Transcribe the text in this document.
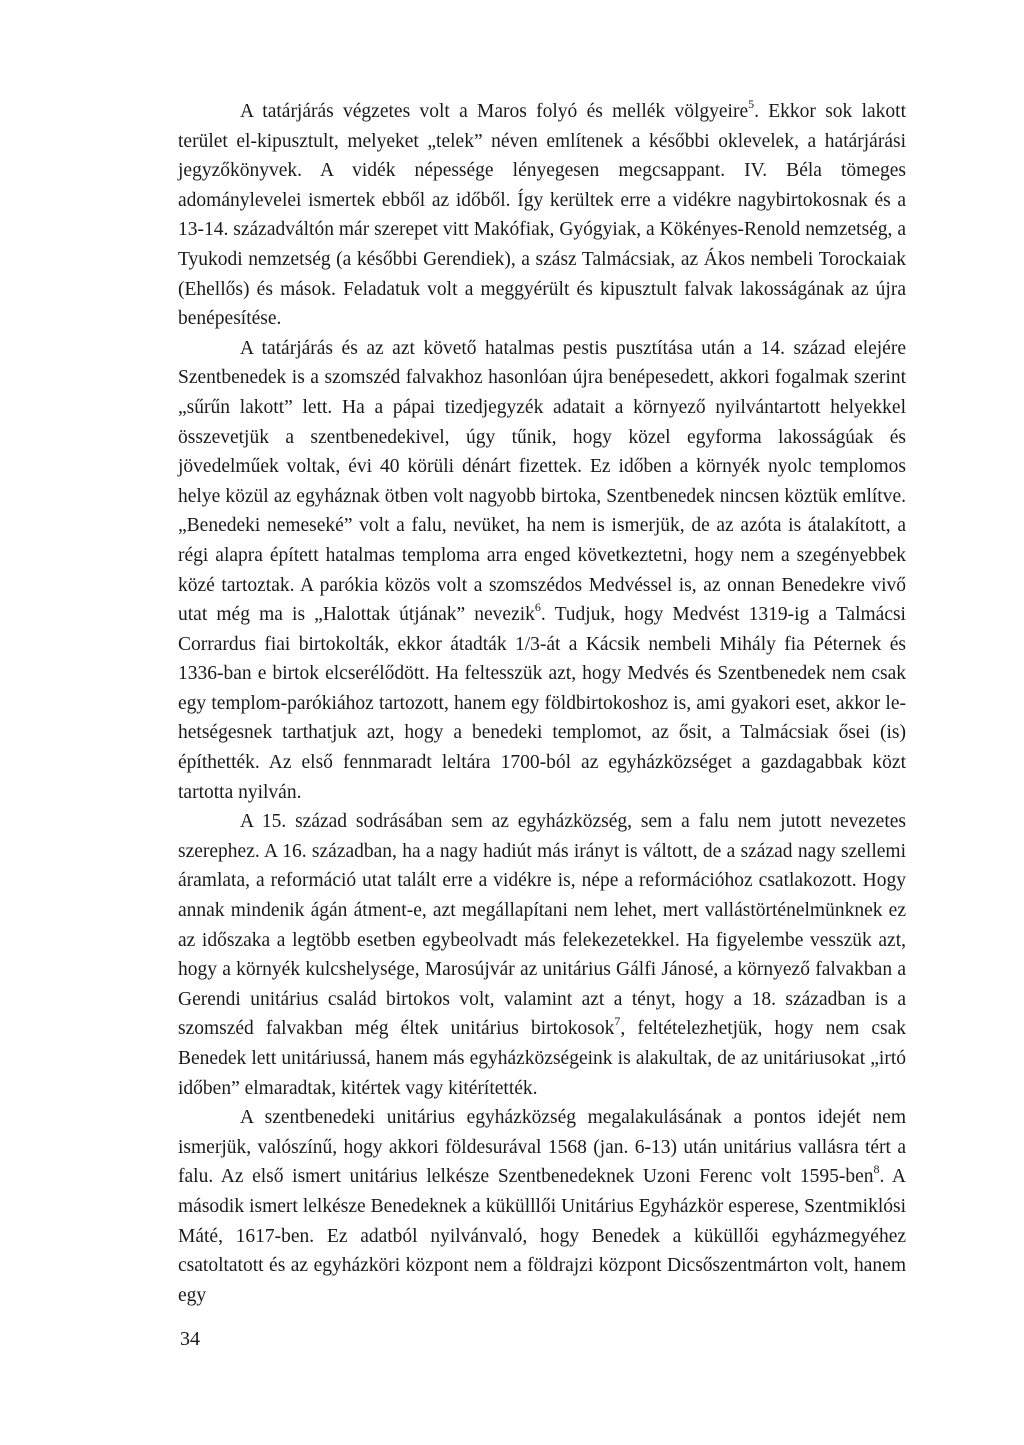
A tatárjárás végzetes volt a Maros folyó és mellék völgyeire$^5$. Ekkor sok lakott terület el-kipusztult, melyeket „telek” néven említenek a későbbi oklevelek, a határjárási jegyzőkönyvek. A vidék népessége lényegesen megcsappant. IV. Béla tömeges adománylevelei ismertek ebből az időből. Így kerültek erre a vidékre nagybirtokosnak és a 13-14. századváltón már szerepet vitt Makófiak, Gyógyiak, a Kökényes-Renold nemzetség, a Tyukodi nemzetség (a későbbi Gerendiek), a szász Talmácsiak, az Ákos nembeli Torockaiak (Ehellős) és mások. Feladatuk volt a meggyérült és kipusztult falvak lakosságának az újra benépesítése.

A tatárjárás és az azt követő hatalmas pestis pusztítása után a 14. század elejére Szentbenedek is a szomszéd falvakhoz hasonlóan újra benépesedett, akkori fogalmak szerint „sűrűn lakott” lett. Ha a pápai tizedjegyzék adatait a környező nyilvántartott helyekkel összevetjük a szentbenedekivel, úgy tűnik, hogy közel egyforma lakosságúak és jövedelműek voltak, évi 40 körüli dénárt fizettek. Ez időben a környék nyolc templomos helye közül az egyháznak ötben volt nagyobb birtoka, Szentbenedek nincsen köztük említve. „Benedeki nemeseké” volt a falu, nevüket, ha nem is ismerjük, de az azóta is átalakított, a régi alapra épített hatalmas temploma arra enged következtetni, hogy nem a szegényebbek közé tartoztak. A parókia közös volt a szomszédos Medvéssel is, az onnan Benedekre vivő utat még ma is „Halottak útjának” nevezik$^6$. Tudjuk, hogy Medvést 1319-ig a Talmácsi Corrardus fiai birtokolták, ekkor átadták 1/3-át a Kácsik nembeli Mihály fia Péternek és 1336-ban e birtok elcserélődött. Ha feltesszük azt, hogy Medvés és Szentbenedek nem csak egy templom-parókiához tartozott, hanem egy földbirtokoshoz is, ami gyakori eset, akkor lehetségesnek tarthatjuk azt, hogy a benedeki templomot, az ősit, a Talmácsiak ősei (is) építhették. Az első fennmaradt leltára 1700-ból az egyházközséget a gazdagabbak közt tartotta nyilván.

A 15. század sodrásában sem az egyházközség, sem a falu nem jutott nevezetes szerephez. A 16. században, ha a nagy hadiút más irányt is váltott, de a század nagy szellemi áramlata, a reformáció utat talált erre a vidékre is, népe a reformációhoz csatlakozott. Hogy annak mindenik ágán átment-e, azt megállapítani nem lehet, mert vallástörténelmünknek ez az időszaka a legtöbb esetben egybeolvadt más felekezetekkel. Ha figyelembe vesszük azt, hogy a környék kulcshelysége, Marosújvár az unitárius Gálfi Jánosé, a környező falvakban a Gerendi unitárius család birtokos volt, valamint azt a tényt, hogy a 18. században is a szomszéd falvakban még éltek unitárius birtokosok$^7$, feltételezhetjük, hogy nem csak Benedek lett unitáriussá, hanem más egyházközségeink is alakultak, de az unitáriusokat „irtó időben” elmaradtak, kitértek vagy kitérítették.

A szentbenedeki unitárius egyházközség megalakulásának a pontos idejét nem ismerjük, valószínű, hogy akkori földesurával 1568 (jan. 6-13) után unitárius vallásra tért a falu. Az első ismert unitárius lelkésze Szentbenedeknek Uzoni Ferenc volt 1595-ben$^8$. A második ismert lelkésze Benedeknek a kükülllői Unitárius Egyházkör esperese, Szentmiklósi Máté, 1617-ben. Ez adatból nyilvánvaló, hogy Benedek a küküllői egyházmegyéhez csatoltatott és az egyházköri központ nem a földrajzi központ Dicsőszentmárton volt, hanem egy

34
